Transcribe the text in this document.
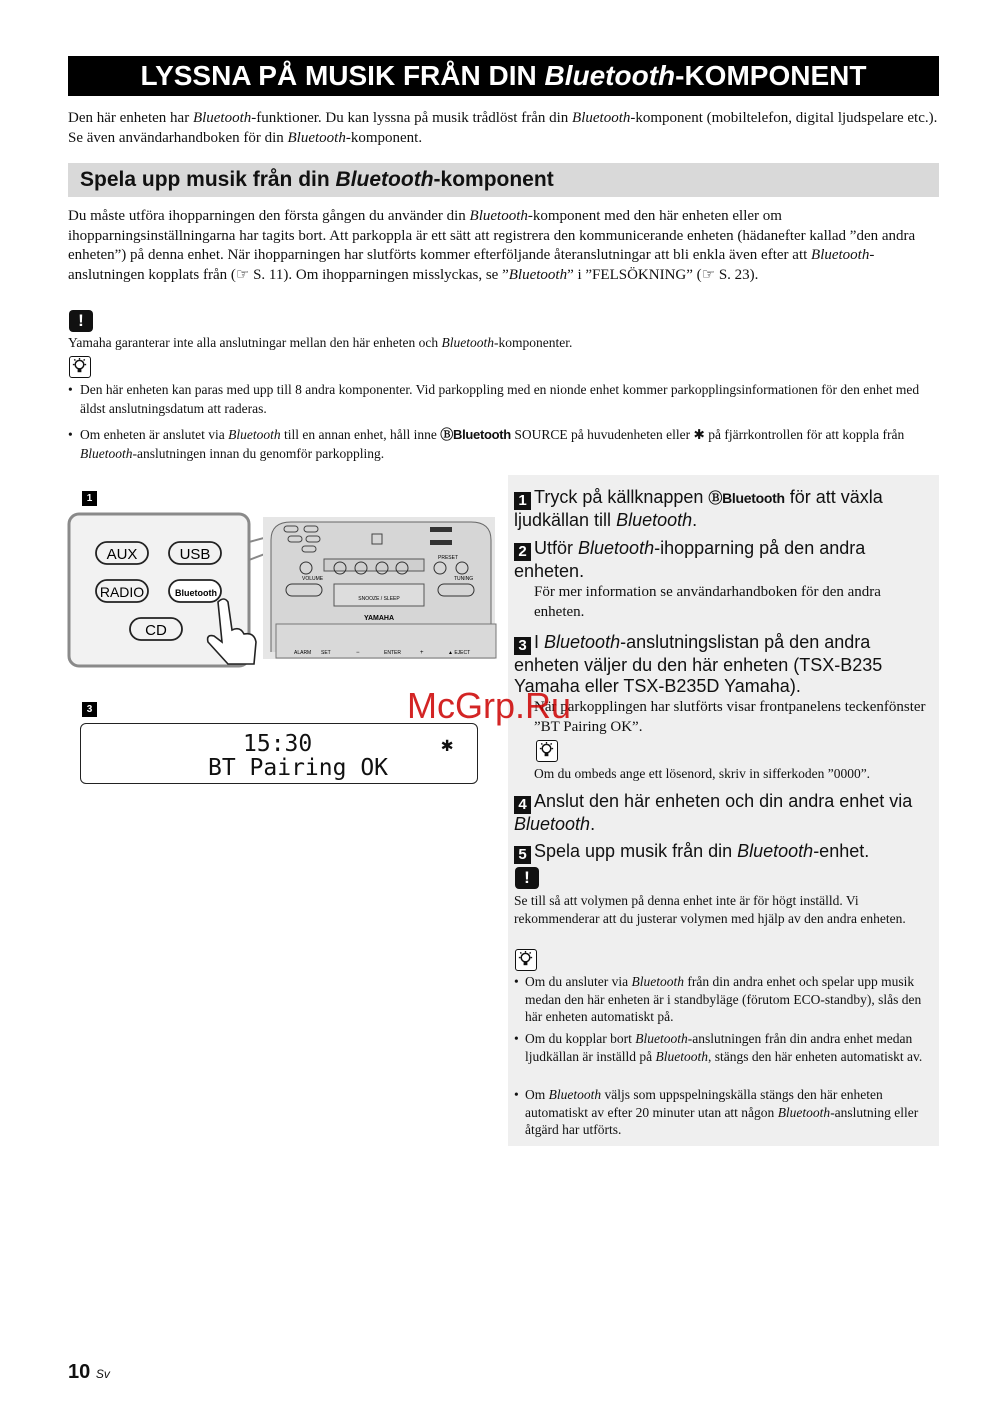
LYSSNA PÅ MUSIK FRÅN DIN Bluetooth-KOMPONENT
Den här enheten har Bluetooth-funktioner. Du kan lyssna på musik trådlöst från din Bluetooth-komponent (mobiltelefon, digital ljudspelare etc.). Se även användarhandboken för din Bluetooth-komponent.
Spela upp musik från din Bluetooth-komponent
Du måste utföra ihopparningen den första gången du använder din Bluetooth-komponent med den här enheten eller om ihopparningsinställningarna har tagits bort. Att parkoppla är ett sätt att registrera den kommunicerande enheten (hädanefter kallad ”den andra enheten”) på denna enhet. När ihopparningen har slutförts kommer efterföljande återanslutningar att bli enkla även efter att Bluetooth-anslutningen kopplats från (☞ S. 11). Om ihopparningen misslyckas, se ”Bluetooth” i ”FELSÖKNING” (☞ S. 23).
!
Yamaha garanterar inte alla anslutningar mellan den här enheten och Bluetooth-komponenter.
• Den här enheten kan paras med upp till 8 andra komponenter. Vid parkoppling med en nionde enhet kommer parkopplingsinformationen för den enhet med äldst anslutningsdatum att raderas.
• Om enheten är anslutet via Bluetooth till en annan enhet, håll inne ⒷBluetooth SOURCE på huvudenheten eller ✱ på fjärrkontrollen för att koppla från Bluetooth-anslutningen innan du genomför parkoppling.
1
AUX	USB
RADIO	Bluetooth
CD
VOLUME	TUNING
PRESET
SNOOZE / SLEEP
YAMAHA
ALARM SET	−	ENTER	+	▲ EJECT
3
15:30	✱
BT Pairing OK
1 Tryck på källknappen ⒷBluetooth för att växla ljudkällan till Bluetooth.
2 Utför Bluetooth-ihopparning på den andra enheten.
För mer information se användarhandboken för den andra enheten.
3 I Bluetooth-anslutningslistan på den andra enheten väljer du den här enheten (TSX-B235 Yamaha eller TSX-B235D Yamaha).
När parkopplingen har slutförts visar frontpanelens teckenfönster ”BT Pairing OK”.
Om du ombeds ange ett lösenord, skriv in sifferkoden ”0000”.
4 Anslut den här enheten och din andra enhet via Bluetooth.
5 Spela upp musik från din Bluetooth-enhet.
!
Se till så att volymen på denna enhet inte är för högt inställd. Vi rekommenderar att du justerar volymen med hjälp av den andra enheten.
• Om du ansluter via Bluetooth från din andra enhet och spelar upp musik medan den här enheten är i standbyläge (förutom ECO-standby), slås den här enheten automatiskt på.
• Om du kopplar bort Bluetooth-anslutningen från din andra enhet medan ljudkällan är inställd på Bluetooth, stängs den här enheten automatiskt av.
• Om Bluetooth väljs som uppspelningskälla stängs den här enheten automatiskt av efter 20 minuter utan att någon Bluetooth-anslutning eller åtgärd har utförts.
McGrp.Ru
10 Sv
